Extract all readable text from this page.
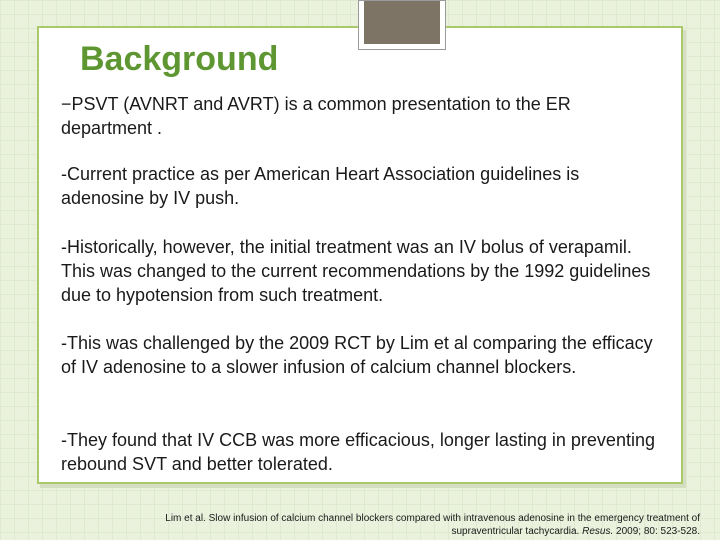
Background
−PSVT (AVNRT and AVRT) is a common presentation to the ER department .
-Current practice as per American Heart Association guidelines is adenosine by IV push.
-Historically, however, the initial treatment was an IV bolus of verapamil. This was changed to the current recommendations by the 1992 guidelines due to hypotension from such treatment.
-This was challenged by the 2009 RCT by Lim et al comparing the efficacy of IV adenosine to a slower infusion of calcium channel blockers.
-They found that IV CCB was more efficacious, longer lasting in preventing rebound SVT and better tolerated.
Lim et al. Slow infusion of calcium channel blockers compared with intravenous adenosine in the emergency treatment of supraventricular tachycardia. Resus. 2009; 80: 523-528.
